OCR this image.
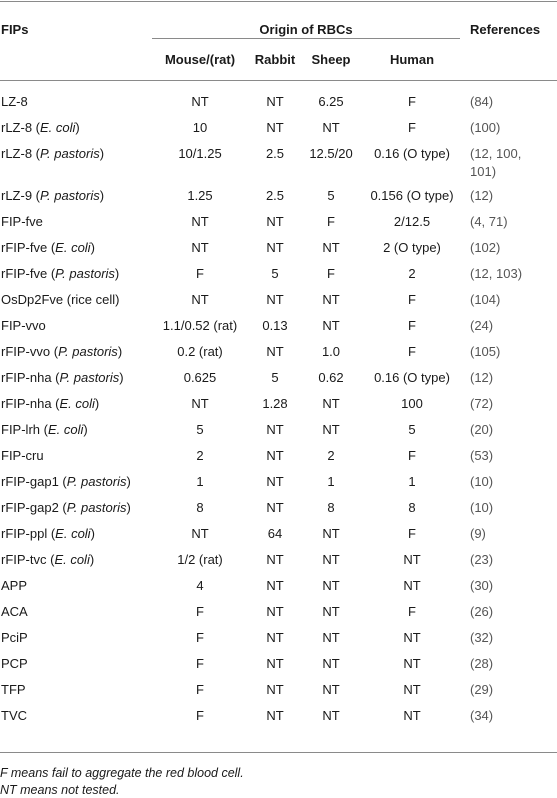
FIPs	Origin of RBCs	References
Mouse/(rat)	Rabbit	Sheep	Human
LZ-8	NT	NT	6.25	F	(84)
rLZ-8 (E. coli)	10	NT	NT	F	(100)
rLZ-8 (P. pastoris)	10/1.25	2.5	12.5/20	0.16 (O type)	(12, 100,
101)
rLZ-9 (P. pastoris)	1.25	2.5	5	0.156 (O type)	(12)
FIP-fve	NT	NT	F	2/12.5	(4, 71)
rFIP-fve (E. coli)	NT	NT	NT	2 (O type)	(102)
rFIP-fve (P. pastoris)	F	5	F	2	(12, 103)
OsDp2Fve (rice cell)	NT	NT	NT	F	(104)
FIP-vvo	1.1/0.52 (rat)	0.13	NT	F	(24)
rFIP-vvo (P. pastoris)	0.2 (rat)	NT	1.0	F	(105)
rFIP-nha (P. pastoris)	0.625	5	0.62	0.16 (O type)	(12)
rFIP-nha (E. coli)	NT	1.28	NT	100	(72)
FIP-lrh (E. coli)	5	NT	NT	5	(20)
FIP-cru	2	NT	2	F	(53)
rFIP-gap1 (P. pastoris)	1	NT	1	1	(10)
rFIP-gap2 (P. pastoris)	8	NT	8	8	(10)
rFIP-ppl (E. coli)	NT	64	NT	F	(9)
rFIP-tvc (E. coli)	1/2 (rat)	NT	NT	NT	(23)
APP	4	NT	NT	NT	(30)
ACA	F	NT	NT	F	(26)
PciP	F	NT	NT	NT	(32)
PCP	F	NT	NT	NT	(28)
TFP	F	NT	NT	NT	(29)
TVC	F	NT	NT	NT	(34)
F means fail to aggregate the red blood cell.
NT means not tested.
